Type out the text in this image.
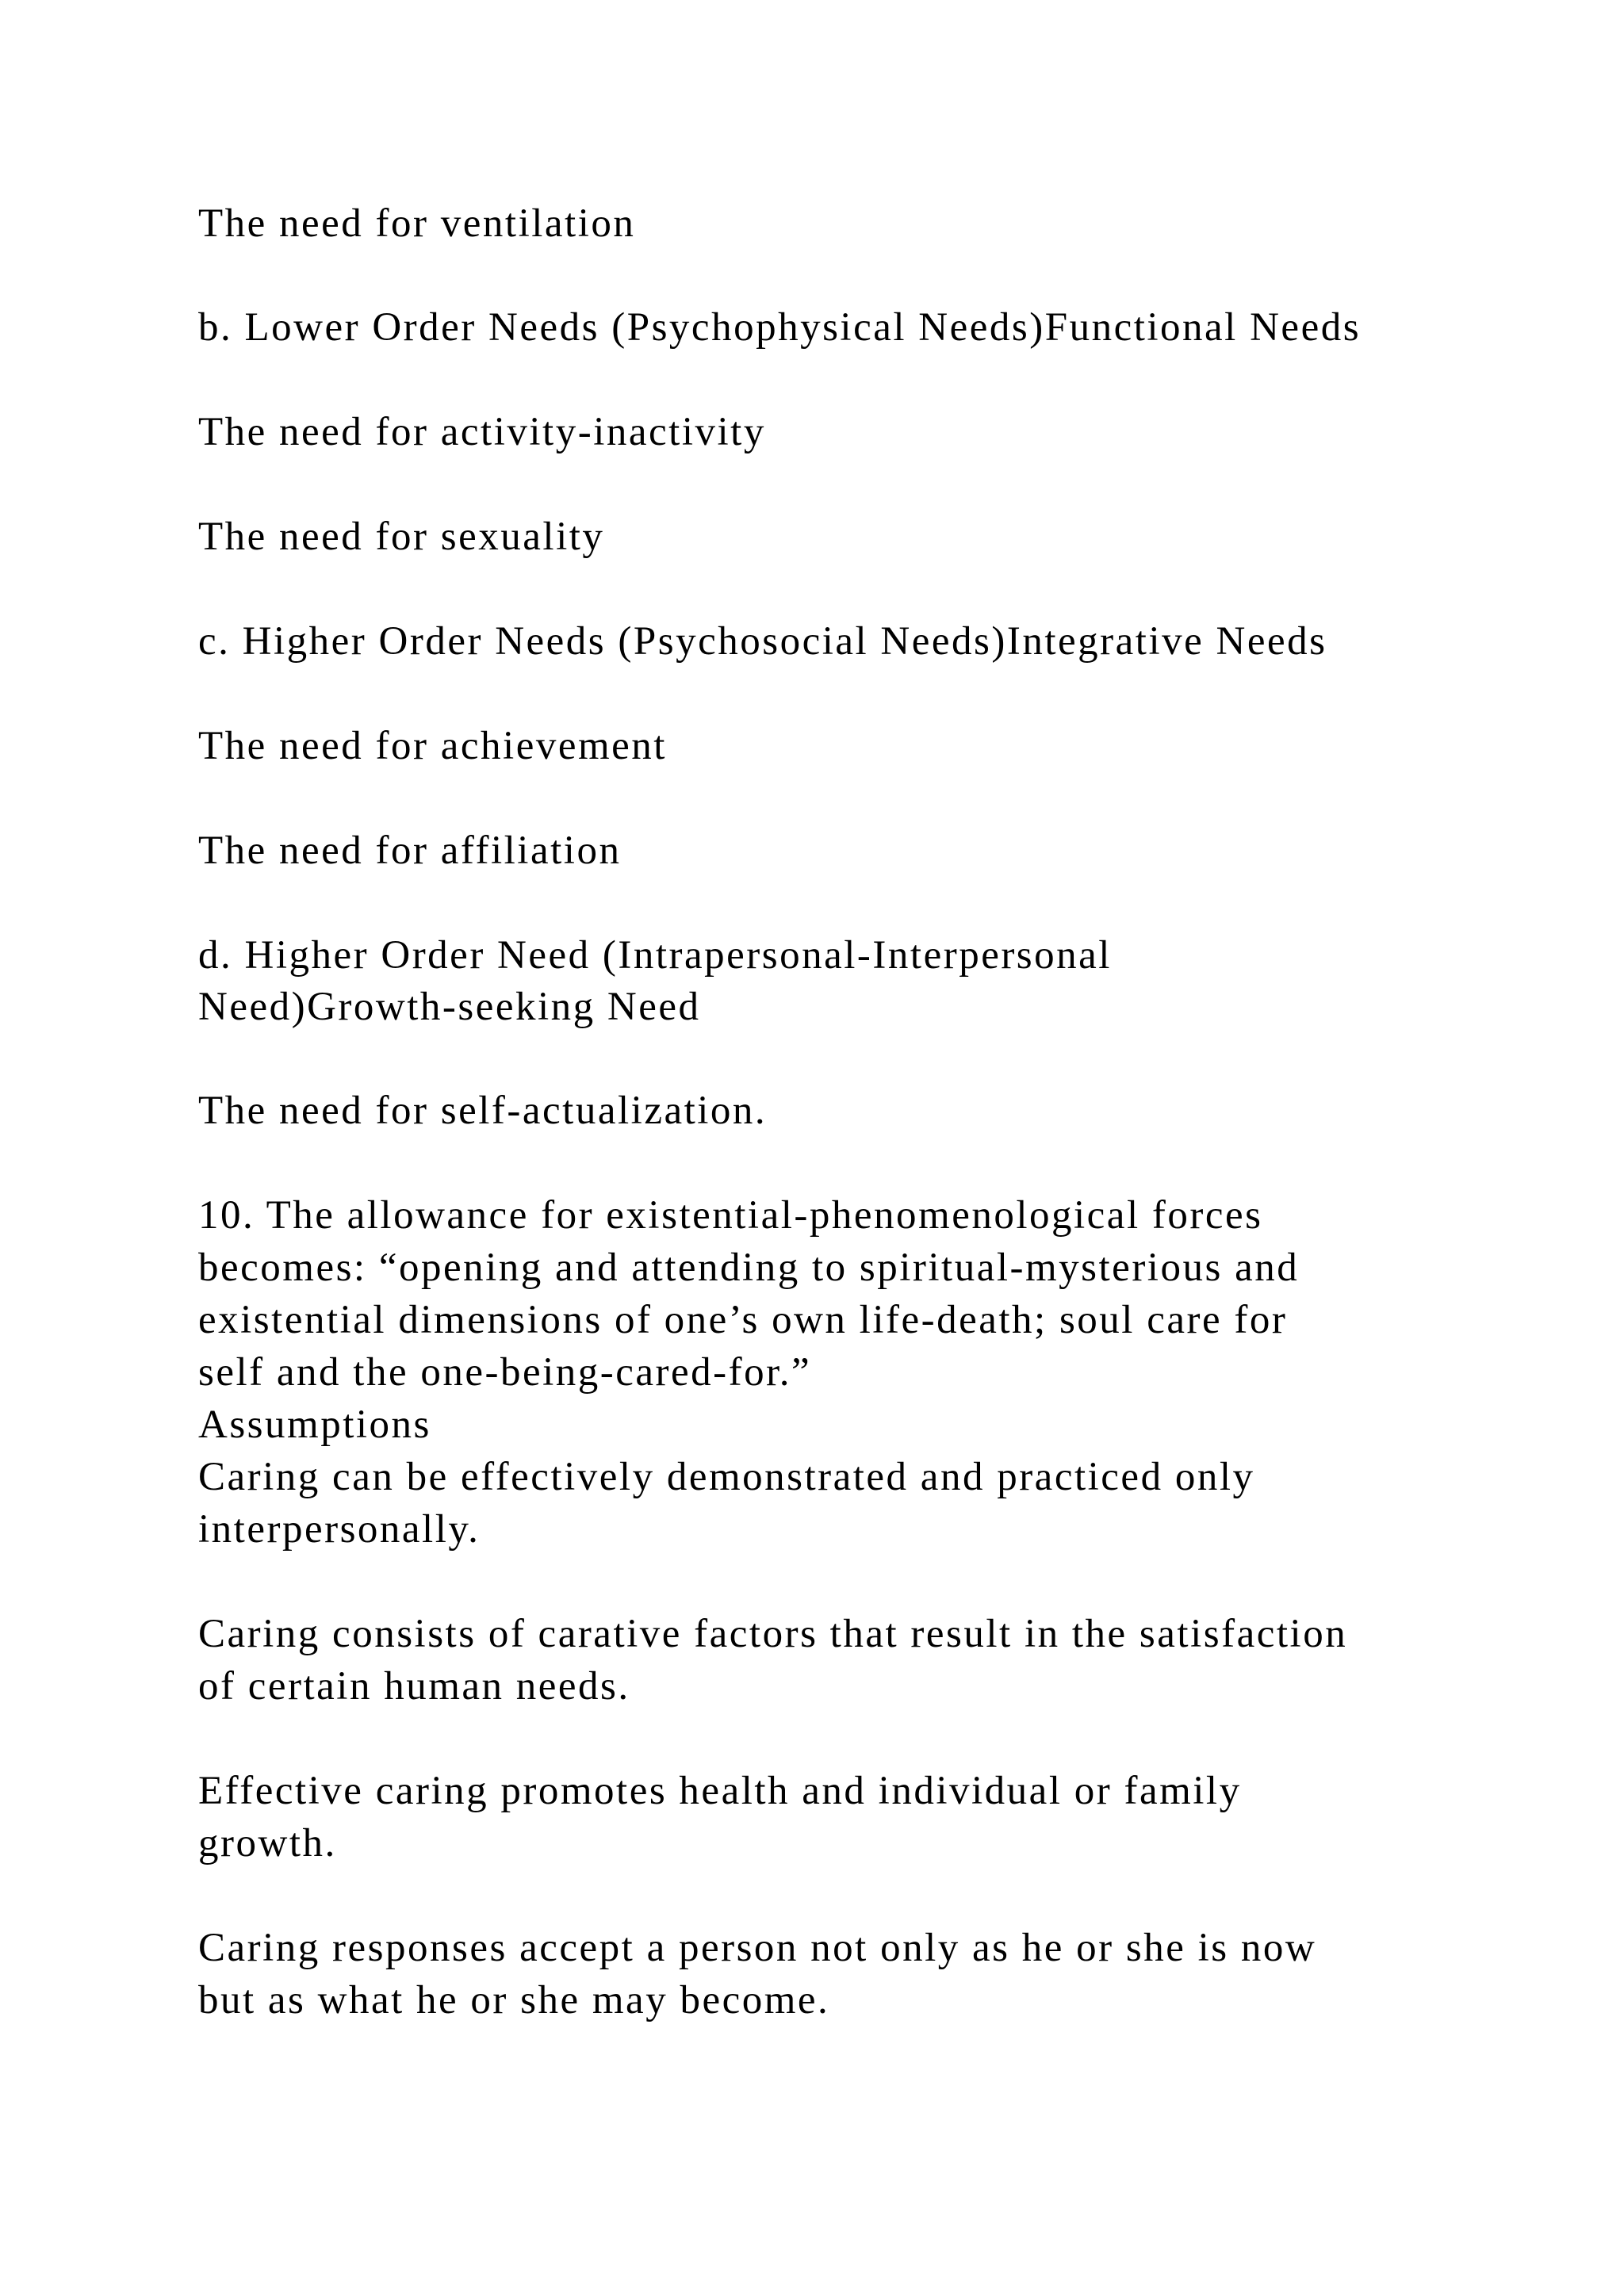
The need for ventilation

b. Lower Order Needs (Psychophysical Needs)Functional Needs

The need for activity-inactivity

The need for sexuality

c. Higher Order Needs (Psychosocial Needs)Integrative Needs

The need for achievement

The need for affiliation

d. Higher Order Need (Intrapersonal-Interpersonal

Need)Growth-seeking Need

The need for self-actualization.

10. The allowance for existential-phenomenological forces

becomes: “opening and attending to spiritual-mysterious and

existential dimensions of one’s own life-death; soul care for

self and the one-being-cared-for.”

Assumptions

Caring can be effectively demonstrated and practiced only

interpersonally.

Caring consists of carative factors that result in the satisfaction

of certain human needs.

Effective caring promotes health and individual or family

growth.

Caring responses accept a person not only as he or she is now

but as what he or she may become.
